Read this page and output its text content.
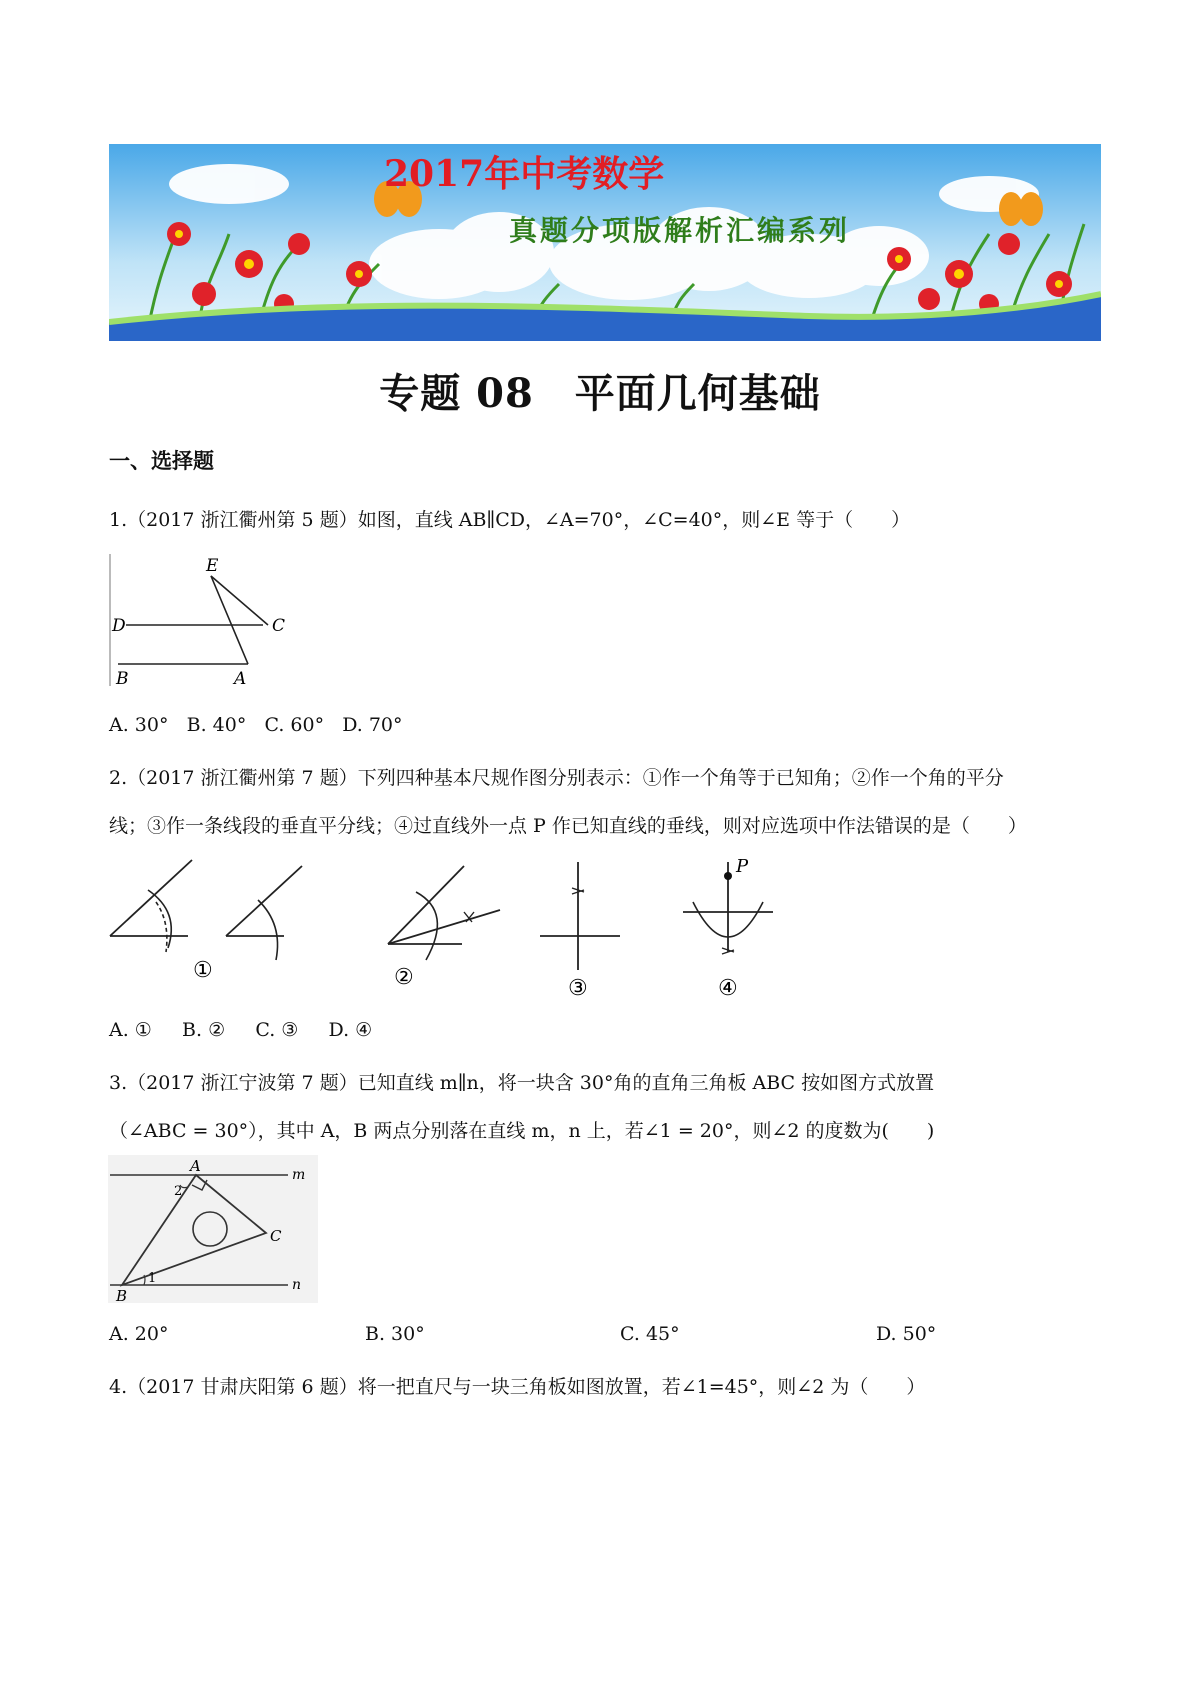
2017年中考数学
真题分项版解析汇编系列
专题 08　平面几何基础
一、选择题
1.（2017 浙江衢州第 5 题）如图，直线 AB∥CD，∠A=70°，∠C=40°，则∠E 等于（　　）
E
D	C
B	A
A. 30° B. 40° C. 60° D. 70°
2.（2017 浙江衢州第 7 题）下列四种基本尺规作图分别表示：①作一个角等于已知角；②作一个角的平分
线；③作一条线段的垂直平分线；④过直线外一点 P 作已知直线的垂线，则对应选项中作法错误的是（　　）
①	②	③
P
④
A. ① B. ② C. ③ D. ④
3.（2017 浙江宁波第 7 题）已知直线 m∥n，将一块含 30°角的直角三角板 ABC 按如图方式放置
（∠ABC = 30°），其中 A，B 两点分别落在直线 m，n 上，若∠1 = 20°，则∠2 的度数为(　　)
A
B
C
m
n
1
2
A. 20°	B. 30°	C. 45°	D. 50°
4.（2017 甘肃庆阳第 6 题）将一把直尺与一块三角板如图放置，若∠1=45°，则∠2 为（　　）
